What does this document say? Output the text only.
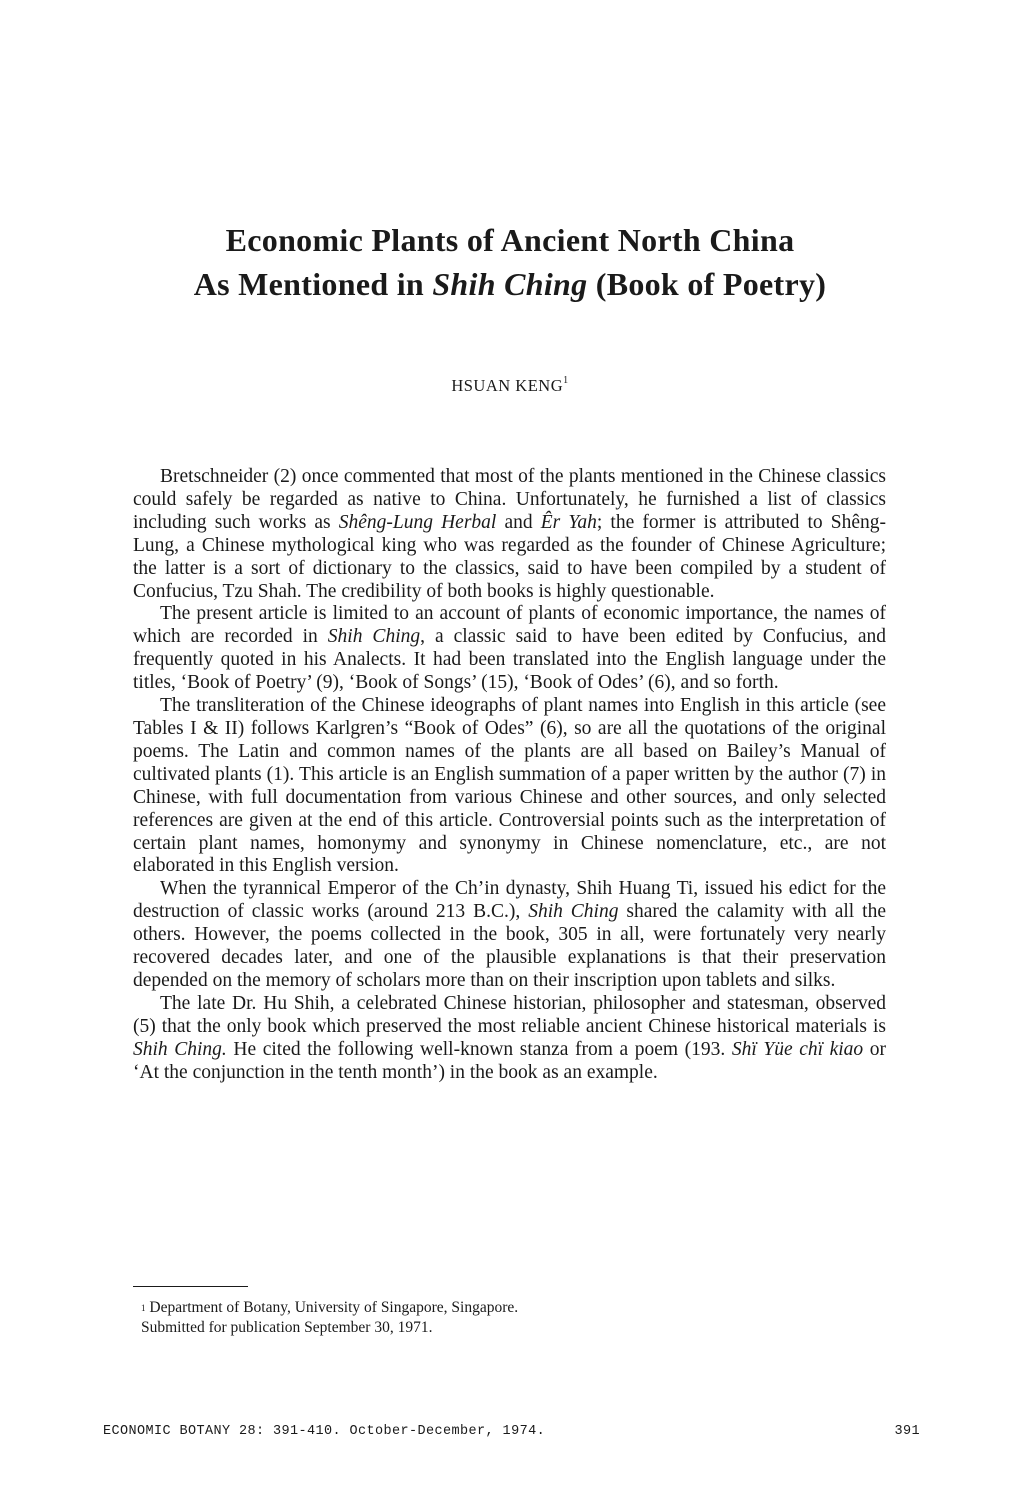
Economic Plants of Ancient North China
As Mentioned in Shih Ching (Book of Poetry)
HSUAN KENG$^1$

Bretschneider (2) once commented that most of the plants mentioned in the Chinese classics could safely be regarded as native to China. Unfortunately, he furnished a list of classics including such works as Shêng-Lung Herbal and Êr Yah; the former is attributed to Shêng-Lung, a Chinese mythological king who was regarded as the founder of Chinese Agriculture; the latter is a sort of dictionary to the classics, said to have been compiled by a student of Confucius, Tzu Shah. The credibility of both books is highly questionable.

The present article is limited to an account of plants of economic importance, the names of which are recorded in Shih Ching, a classic said to have been edited by Confucius, and frequently quoted in his Analects. It had been translated into the English language under the titles, ‘Book of Poetry’ (9), ‘Book of Songs’ (15), ‘Book of Odes’ (6), and so forth.

The transliteration of the Chinese ideographs of plant names into English in this article (see Tables I & II) follows Karlgren’s “Book of Odes” (6), so are all the quotations of the original poems. The Latin and common names of the plants are all based on Bailey’s Manual of cultivated plants (1). This article is an English summation of a paper written by the author (7) in Chinese, with full documentation from various Chinese and other sources, and only selected references are given at the end of this article. Controversial points such as the interpretation of certain plant names, homonymy and synonymy in Chinese nomenclature, etc., are not elaborated in this English version.

When the tyrannical Emperor of the Ch’in dynasty, Shih Huang Ti, issued his edict for the destruction of classic works (around 213 B.C.), Shih Ching shared the calamity with all the others. However, the poems collected in the book, 305 in all, were fortunately very nearly recovered decades later, and one of the plausible explanations is that their preservation depended on the memory of scholars more than on their inscription upon tablets and silks.

The late Dr. Hu Shih, a celebrated Chinese historian, philosopher and statesman, observed (5) that the only book which preserved the most reliable ancient Chinese historical materials is Shih Ching. He cited the following well-known stanza from a poem (193. Shï Yüe chï kiao or ‘At the conjunction in the tenth month’) in the book as an example.

$^1$ Department of Botany, University of Singapore, Singapore.
Submitted for publication September 30, 1971.
ECONOMIC BOTANY 28: 391-410. October-December, 1974.	391
